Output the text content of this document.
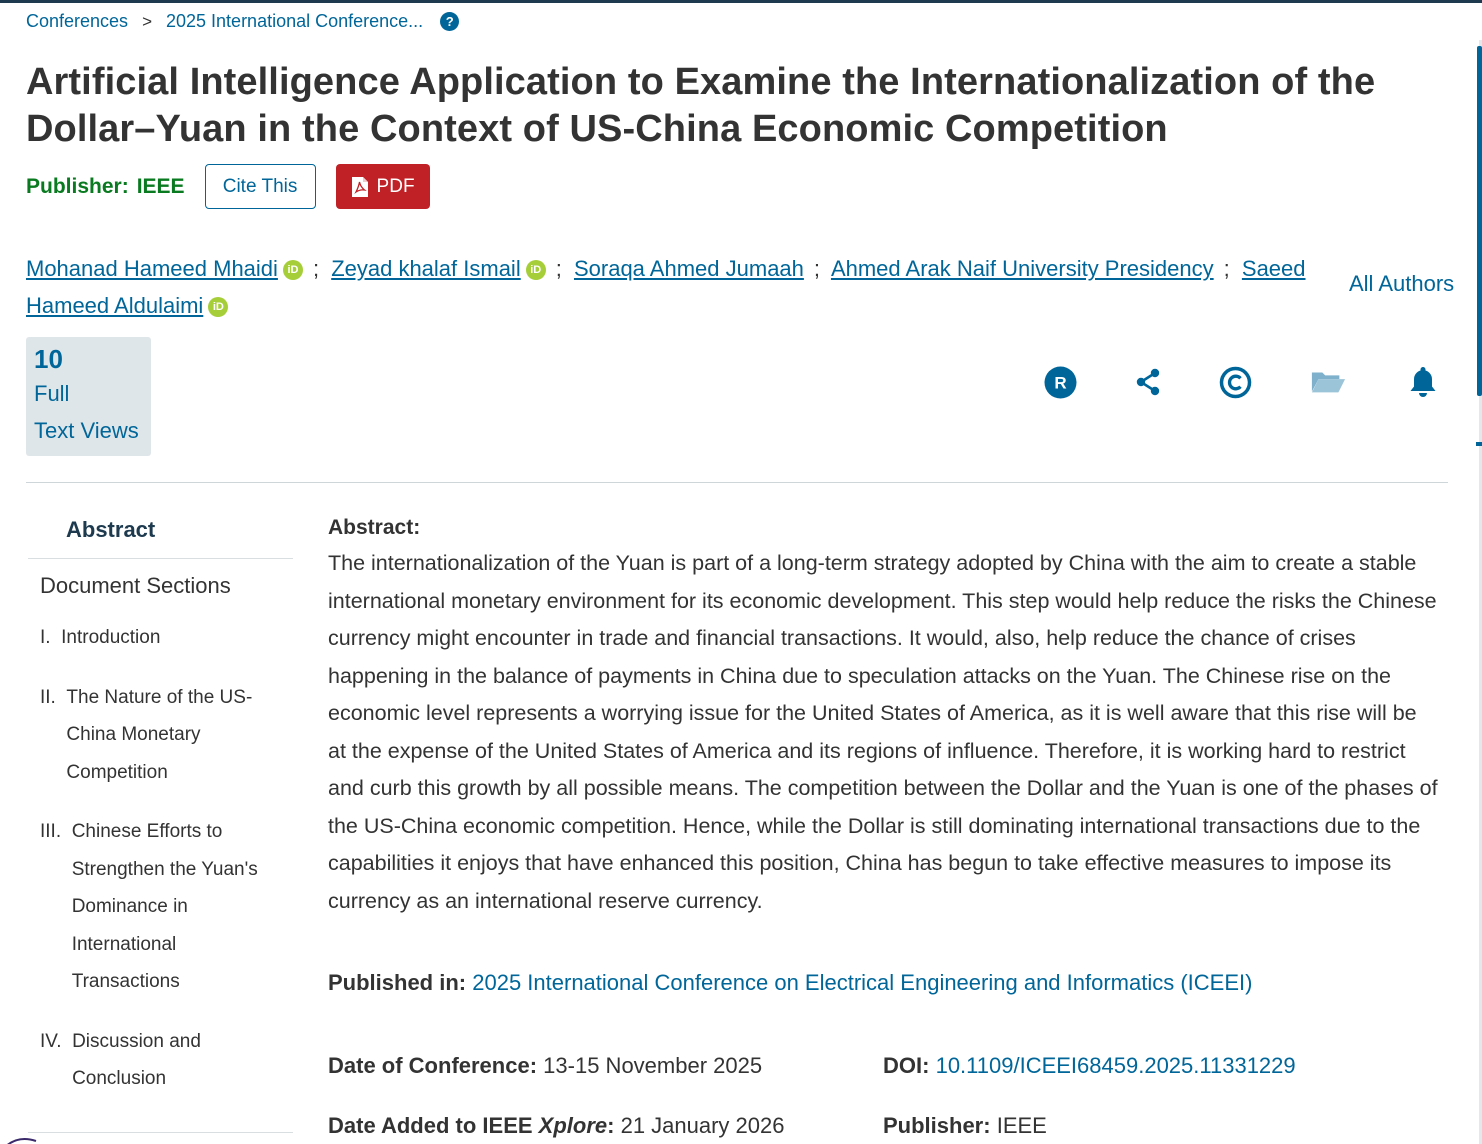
Conferences > 2025 International Conference...	?
Artificial Intelligence Application to Examine the Internationalization of the Dollar–Yuan in the Context of US-China Economic Competition
Publisher: IEEE	Cite This	PDF
Mohanad Hameed Mhaidi iD ; Zeyad khalaf Ismail iD ; Soraqa Ahmed Jumaah ; Ahmed Arak Naif University Presidency ; Saeed Hameed Aldulaimi iD
All Authors
10
Full
Text Views
R
Abstract
Document Sections
I.
Introduction
II.
The Nature of the US-China Monetary Competition
III.
Chinese Efforts to Strengthen the Yuan's Dominance in International Transactions
IV.
Discussion and Conclusion
Abstract:
The internationalization of the Yuan is part of a long-term strategy adopted by China with the aim to create a stable international monetary environment for its economic development. This step would help reduce the risks the Chinese currency might encounter in trade and financial transactions. It would, also, help reduce the chance of crises happening in the balance of payments in China due to speculation attacks on the Yuan. The Chinese rise on the economic level represents a worrying issue for the United States of America, as it is well aware that this rise will be at the expense of the United States of America and its regions of influence. Therefore, it is working hard to restrict and curb this growth by all possible means. The competition between the Dollar and the Yuan is one of the phases of the US-China economic competition. Hence, while the Dollar is still dominating international transactions due to the capabilities it enjoys that have enhanced this position, China has begun to take effective measures to impose its currency as an international reserve currency.
Published in: 2025 International Conference on Electrical Engineering and Informatics (ICEEI)
Date of Conference: 13-15 November 2025	DOI: 10.1109/ICEEI68459.2025.11331229
Date Added to IEEE Xplore: 21 January 2026	Publisher: IEEE
